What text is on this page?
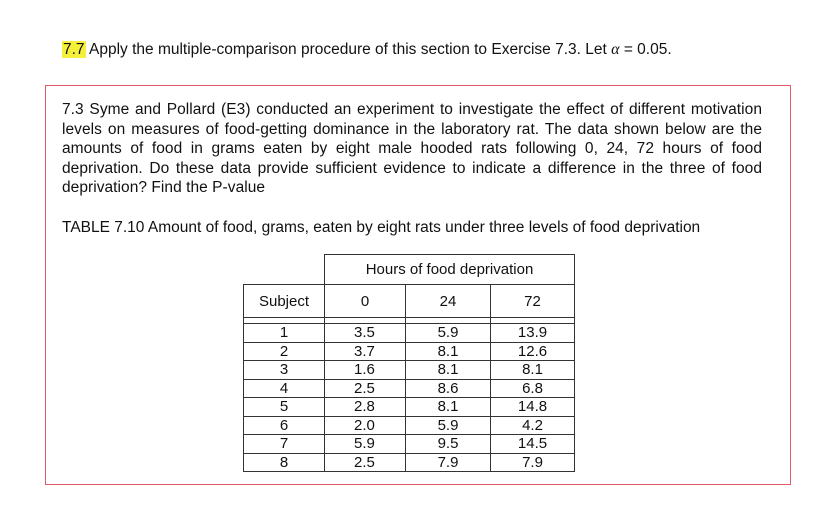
7.7 Apply the multiple-comparison procedure of this section to Exercise 7.3. Let α = 0.05.
7.3 Syme and Pollard (E3) conducted an experiment to investigate the effect of different motivation levels on measures of food-getting dominance in the laboratory rat. The data shown below are the amounts of food in grams eaten by eight male hooded rats following 0, 24, 72 hours of food deprivation. Do these data provide sufficient evidence to indicate a difference in the three of food deprivation? Find the P-value
TABLE 7.10 Amount of food, grams, eaten by eight rats under three levels of food deprivation
	Hours of food deprivation		
Subject	0	24	72

1	3.5	5.9	13.9
2	3.7	8.1	12.6
3	1.6	8.1	8.1
4	2.5	8.6	6.8
5	2.8	8.1	14.8
6	2.0	5.9	4.2
7	5.9	9.5	14.5
8	2.5	7.9	7.9
